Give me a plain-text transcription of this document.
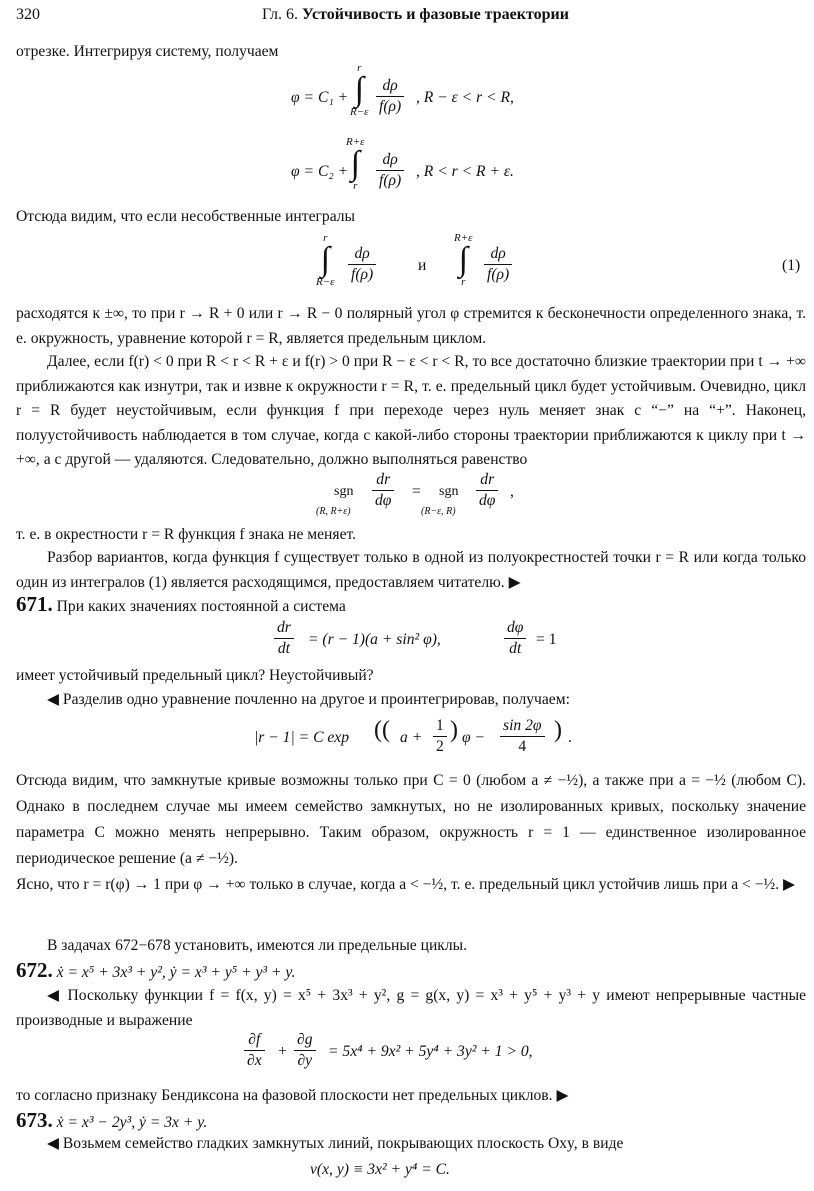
320	Гл. 6. Устойчивость и фазовые траектории
отрезке. Интегрируя систему, получаем
φ = C₁ +
r
∫
$R-\varepsilon \frac{d\rho}{f(\rho)}$ , R − ε < r < R,
φ = C₂ +
R+ε
∫
r	$\frac{d\rho}{f(\rho)}$ , R < r < R + ε.
Отсюда видим, что если несобственные интегралы
r
∫
$R-\varepsilon \frac{d\rho}{f(\rho)}$	и
R+ε
∫
r	$\frac{d\rho}{f(\rho)}$	(1)
расходятся к ±∞, то при r → R + 0 или r → R − 0 полярный угол φ стремится к бесконечности определенного знака, т. е. окружность, уравнение которой r = R, является предельным циклом.
Далее, если f(r) < 0 при R < r < R + ε и f(r) > 0 при R − ε < r < R, то все достаточно близкие траектории при t → +∞ приближаются как изнутри, так и извне к окружности r = R, т. е. предельный цикл будет устойчивым. Очевидно, цикл r = R будет неустойчивым, если функция f при переходе через нуль меняет знак с “−” на “+”. Наконец, полуустойчивость наблюдается в том случае, когда с какой-либо стороны траектории приближаются к циклу при t → +∞, а с другой — удаляются. Следовательно, должно выполняться равенство
sgn
(R, R+ε)
$\frac{dr}{d\varphi}$ = sgn
(R−ε, R)
$\frac{dr}{d\varphi}$ ,
т. е. в окрестности r = R функция f знака не меняет.
Разбор вариантов, когда функция f существует только в одной из полуокрестностей точки r = R или когда только один из интегралов (1) является расходящимся, предоставляем читателю. ▶
671. При каких значениях постоянной a система
$\frac{dr}{dt} = (r - 1)(a + \sin^2$ φ),	$\frac{d\varphi}{dt} = 1$
имеет устойчивый предельный цикл? Неустойчивый?
◀ Разделив одно уравнение почленно на другое и проинтегрировав, получаем:
|r − 1| = C exp (( $a + \frac{1}{2}$ ) $\varphi - \frac{\sin 2\varphi}{4}$ ) .
Отсюда видим, что замкнутые кривые возможны только при C = 0 (любом a ≠ −½), а также при a = −½ (любом C). Однако в последнем случае мы имеем семейство замкнутых, но не изолированных кривых, поскольку значение параметра C можно менять непрерывно. Таким образом, окружность r = 1 — единственное изолированное периодическое решение (a ≠ −½).
Ясно, что r = r(φ) → 1 при φ → +∞ только в случае, когда a < −½, т. е. предельный цикл устойчив лишь при a < −½. ▶
В задачах 672−678 установить, имеются ли предельные циклы.
672. ẋ = x⁵ + 3x³ + y², ẏ = x³ + y⁵ + y³ + y.
◀ Поскольку функции f = f(x, y) = x⁵ + 3x³ + y², g = g(x, y) = x³ + y⁵ + y³ + y имеют непрерывные частные производные и выражение
$\frac{\partial f}{\partial x} + \frac{\partial g}{\partial y} = 5x^4 + 9x^2 + 5y^4 + 3y^2 + 1 > 0$,
то согласно признаку Бендиксона на фазовой плоскости нет предельных циклов. ▶
673. ẋ = x³ − 2y³, ẏ = 3x + y.
◀ Возьмем семейство гладких замкнутых линий, покрывающих плоскость Oxy, в виде
v(x, y) ≡ 3x² + y⁴ = C.
